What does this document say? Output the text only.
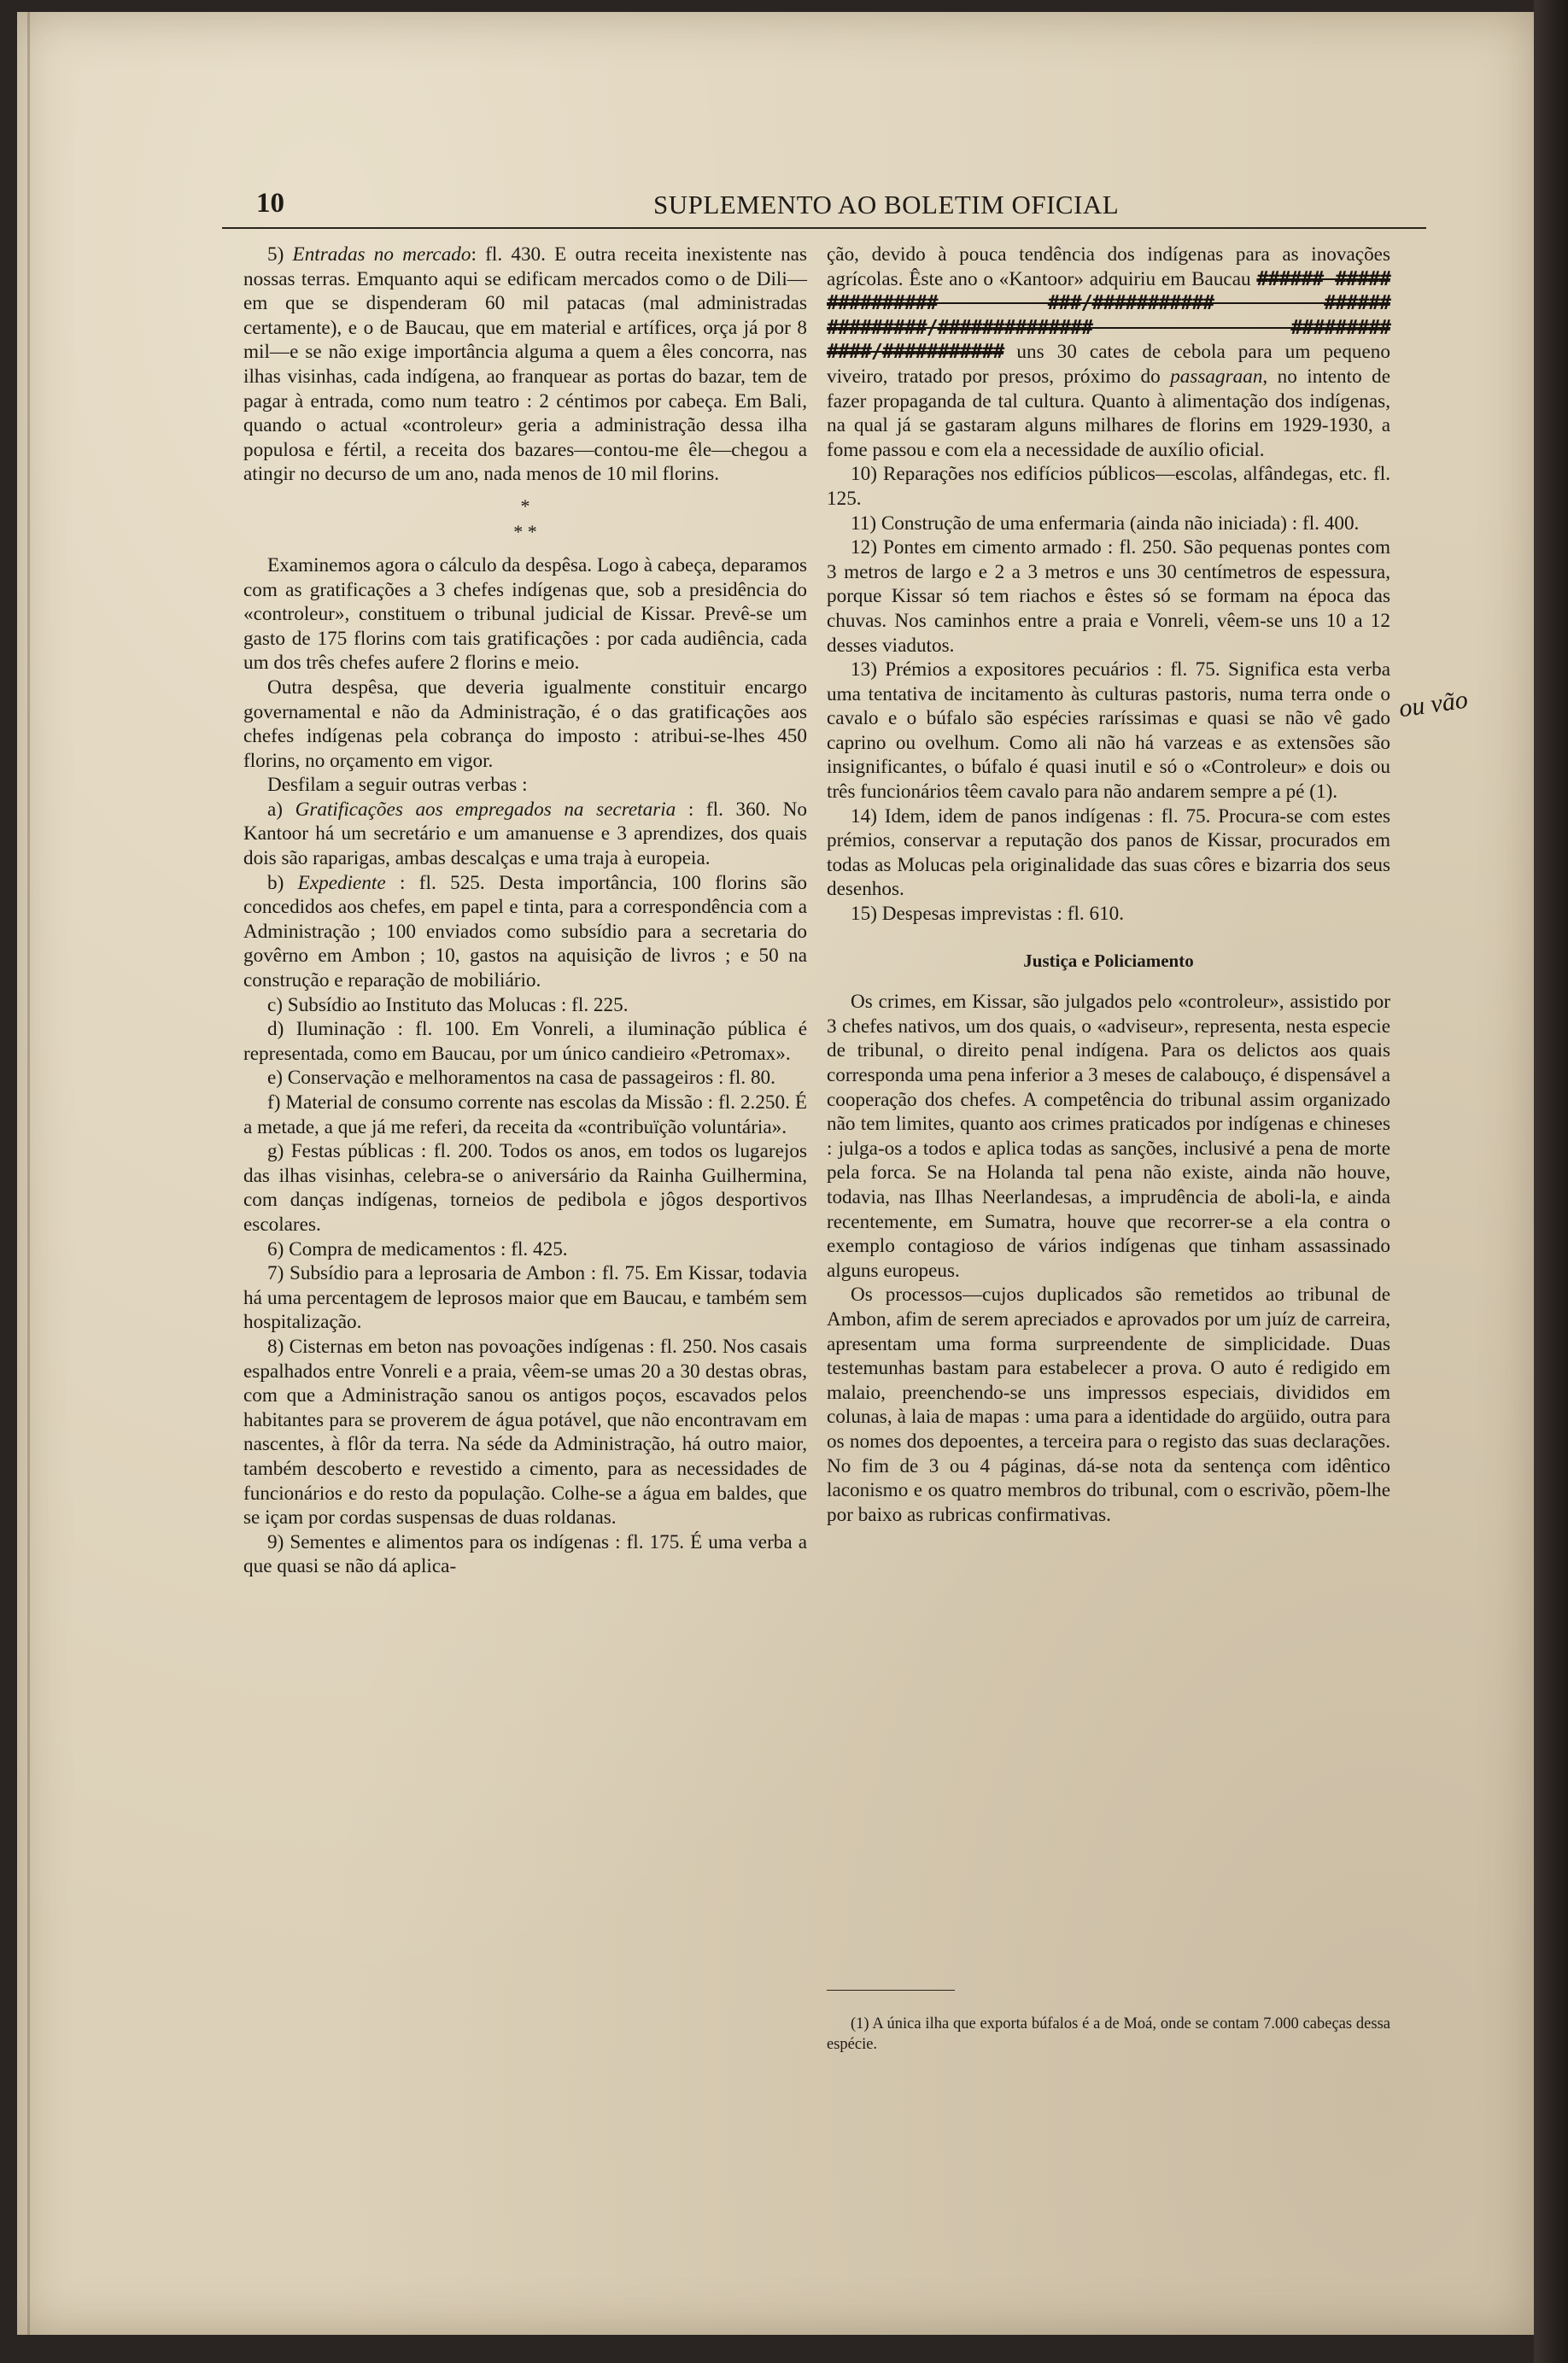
10	SUPLEMENTO AO BOLETIM OFICIAL

5) Entradas no mercado: fl. 430. E outra receita inexistente nas nossas terras. Emquanto aqui se edificam mercados como o de Dili—em que se dispenderam 60 mil patacas (mal administradas certamente), e o de Baucau, que em material e artífices, orça já por 8 mil—e se não exige importância alguma a quem a êles concorra, nas ilhas visinhas, cada indígena, ao franquear as portas do bazar, tem de pagar à entrada, como num teatro : 2 céntimos por cabeça. Em Bali, quando o actual «controleur» geria a administração dessa ilha populosa e fértil, a receita dos bazares—contou-me êle—chegou a atingir no decurso de um ano, nada menos de 10 mil florins.

*
* *

Examinemos agora o cálculo da despêsa. Logo à cabeça, deparamos com as gratificações a 3 chefes indígenas que, sob a presidência do «controleur», constituem o tribunal judicial de Kissar. Prevê-se um gasto de 175 florins com tais gratificações : por cada audiência, cada um dos três chefes aufere 2 florins e meio.

Outra despêsa, que deveria igualmente constituir encargo governamental e não da Administração, é o das gratificações aos chefes indígenas pela cobrança do imposto : atribui-se-lhes 450 florins, no orçamento em vigor.

Desfilam a seguir outras verbas :

a) Gratificações aos empregados na secretaria : fl. 360. No Kantoor há um secretário e um amanuense e 3 aprendizes, dos quais dois são raparigas, ambas descalças e uma traja à europeia.

b) Expediente : fl. 525. Desta importância, 100 florins são concedidos aos chefes, em papel e tinta, para a correspondência com a Administração ; 100 enviados como subsídio para a secretaria do govêrno em Ambon ; 10, gastos na aquisição de livros ; e 50 na construção e reparação de mobiliário.

c) Subsídio ao Instituto das Molucas : fl. 225.

d) Iluminação : fl. 100. Em Vonreli, a iluminação pública é representada, como em Baucau, por um único candieiro «Petromax».

e) Conservação e melhoramentos na casa de passageiros : fl. 80.

f) Material de consumo corrente nas escolas da Missão : fl. 2.250. É a metade, a que já me referi, da receita da «contribuïção voluntária».

g) Festas públicas : fl. 200. Todos os anos, em todos os lugarejos das ilhas visinhas, celebra-se o aniversário da Rainha Guilhermina, com danças indígenas, torneios de pedibola e jôgos desportivos escolares.

6) Compra de medicamentos : fl. 425.

7) Subsídio para a leprosaria de Ambon : fl. 75. Em Kissar, todavia há uma percentagem de leprosos maior que em Baucau, e também sem hospitalização.

8) Cisternas em beton nas povoações indígenas : fl. 250. Nos casais espalhados entre Vonreli e a praia, vêem-se umas 20 a 30 destas obras, com que a Administração sanou os antigos poços, escavados pelos habitantes para se proverem de água potável, que não encontravam em nascentes, à flôr da terra. Na séde da Administração, há outro maior, também descoberto e revestido a cimento, para as necessidades de funcionários e do resto da população. Colhe-se a água em baldes, que se içam por cordas suspensas de duas roldanas.

9) Sementes e alimentos para os indígenas : fl. 175. É uma verba a que quasi se não dá aplica-

ção, devido à pouca tendência dos indígenas para as inovações agrícolas. Êste ano o «Kantoor» adquiriu em Baucau ###### ##### ########## ###/########### ###### #########/############## ######### ####/########### uns 30 cates de cebola para um pequeno viveiro, tratado por presos, próximo do passagraan, no intento de fazer propaganda de tal cultura. Quanto à alimentação dos indígenas, na qual já se gastaram alguns milhares de florins em 1929-1930, a fome passou e com ela a necessidade de auxílio oficial.

10) Reparações nos edifícios públicos—escolas, alfândegas, etc. fl. 125.

11) Construção de uma enfermaria (ainda não iniciada) : fl. 400.

12) Pontes em cimento armado : fl. 250. São pequenas pontes com 3 metros de largo e 2 a 3 metros e uns 30 centímetros de espessura, porque Kissar só tem riachos e êstes só se formam na época das chuvas. Nos caminhos entre a praia e Vonreli, vêem-se uns 10 a 12 desses viadutos.

13) Prémios a expositores pecuários : fl. 75. Significa esta verba uma tentativa de incitamento às culturas pastoris, numa terra onde o cavalo e o búfalo são espécies raríssimas e quasi se não vê gado caprino ou ovelhum. Como ali não há varzeas e as extensões são insignificantes, o búfalo é quasi inutil e só o «Controleur» e dois ou três funcionários têem cavalo para não andarem sempre a pé (1).

14) Idem, idem de panos indígenas : fl. 75. Procura-se com estes prémios, conservar a reputação dos panos de Kissar, procurados em todas as Molucas pela originalidade das suas côres e bizarria dos seus desenhos.

15) Despesas imprevistas : fl. 610.

Justiça e Policiamento

Os crimes, em Kissar, são julgados pelo «controleur», assistido por 3 chefes nativos, um dos quais, o «adviseur», representa, nesta especie de tribunal, o direito penal indígena. Para os delictos aos quais corresponda uma pena inferior a 3 meses de calabouço, é dispensável a cooperação dos chefes. A competência do tribunal assim organizado não tem limites, quanto aos crimes praticados por indígenas e chineses : julga-os a todos e aplica todas as sanções, inclusivé a pena de morte pela forca. Se na Holanda tal pena não existe, ainda não houve, todavia, nas Ilhas Neerlandesas, a imprudência de aboli-la, e ainda recentemente, em Sumatra, houve que recorrer-se a ela contra o exemplo contagioso de vários indígenas que tinham assassinado alguns europeus.

Os processos—cujos duplicados são remetidos ao tribunal de Ambon, afim de serem apreciados e aprovados por um juíz de carreira, apresentam uma forma surpreendente de simplicidade. Duas testemunhas bastam para estabelecer a prova. O auto é redigido em malaio, preenchendo-se uns impressos especiais, divididos em colunas, à laia de mapas : uma para a identidade do argüido, outra para os nomes dos depoentes, a terceira para o registo das suas declarações. No fim de 3 ou 4 páginas, dá-se nota da sentença com idêntico laconismo e os quatro membros do tribunal, com o escrivão, põem-lhe por baixo as rubricas confirmativas.

ou vão
(1) A única ilha que exporta búfalos é a de Moá, onde se contam 7.000 cabeças dessa espécie.
